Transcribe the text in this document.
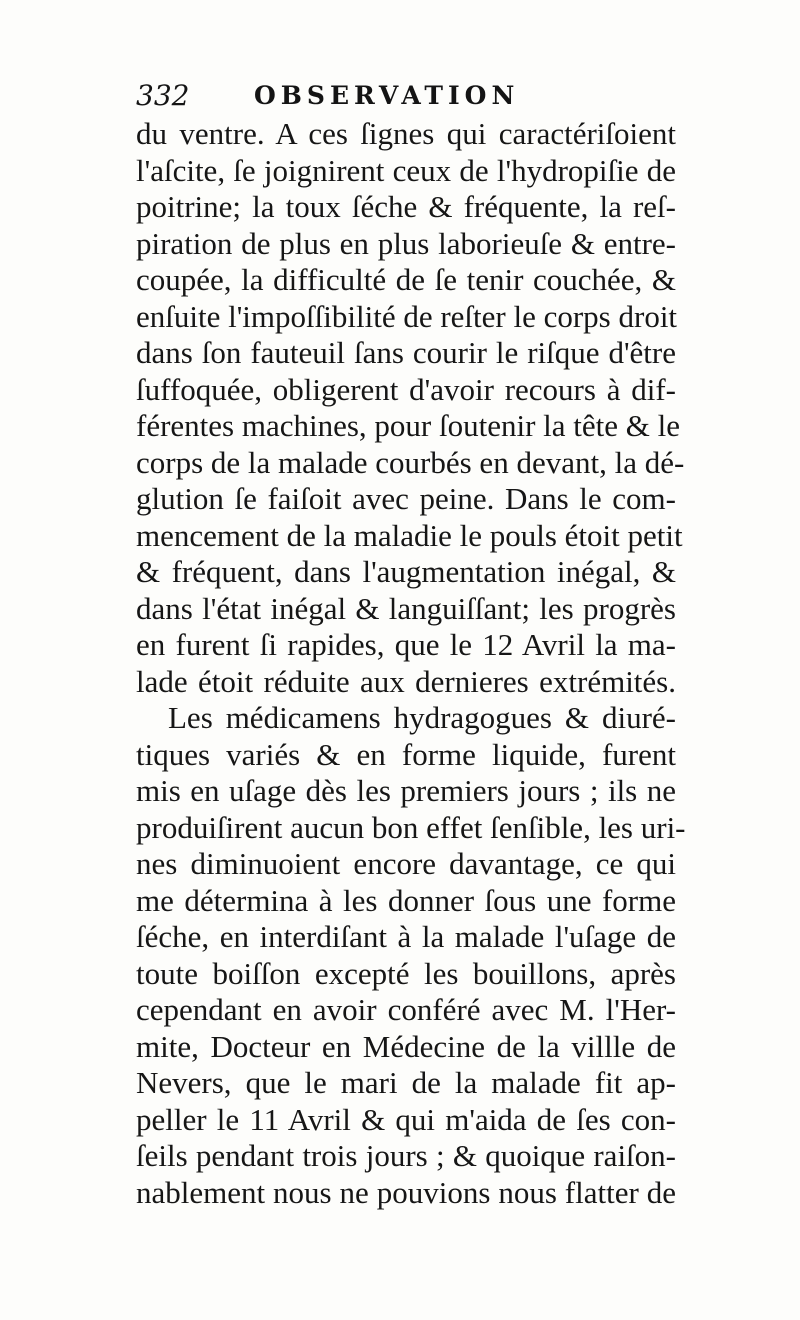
332	OBSERVATION
du ventre. A ces ſignes qui caractériſoient
l'aſcite, ſe joignirent ceux de l'hydropiſie de
poitrine; la toux ſéche & fréquente, la reſ-
piration de plus en plus laborieuſe & entre-
coupée, la difficulté de ſe tenir couchée, &
enſuite l'impoſſibilité de reſter le corps droit
dans ſon fauteuil ſans courir le riſque d'être
ſuffoquée, obligerent d'avoir recours à dif-
férentes machines, pour ſoutenir la tête & le
corps de la malade courbés en devant, la dé-
glution ſe faiſoit avec peine. Dans le com-
mencement de la maladie le pouls étoit petit
& fréquent, dans l'augmentation inégal, &
dans l'état inégal & languiſſant; les progrès
en furent ſi rapides, que le 12 Avril la ma-
lade étoit réduite aux dernieres extrémités.
Les médicamens hydragogues & diuré-
tiques variés & en forme liquide, furent
mis en uſage dès les premiers jours ; ils ne
produiſirent aucun bon effet ſenſible, les uri-
nes diminuoient encore davantage, ce qui
me détermina à les donner ſous une forme
ſéche, en interdiſant à la malade l'uſage de
toute boiſſon excepté les bouillons, après
cependant en avoir conféré avec M. l'Her-
mite, Docteur en Médecine de la villle de
Nevers, que le mari de la malade fit ap-
peller le 11 Avril & qui m'aida de ſes con-
ſeils pendant trois jours ; & quoique raiſon-
nablement nous ne pouvions nous flatter de
